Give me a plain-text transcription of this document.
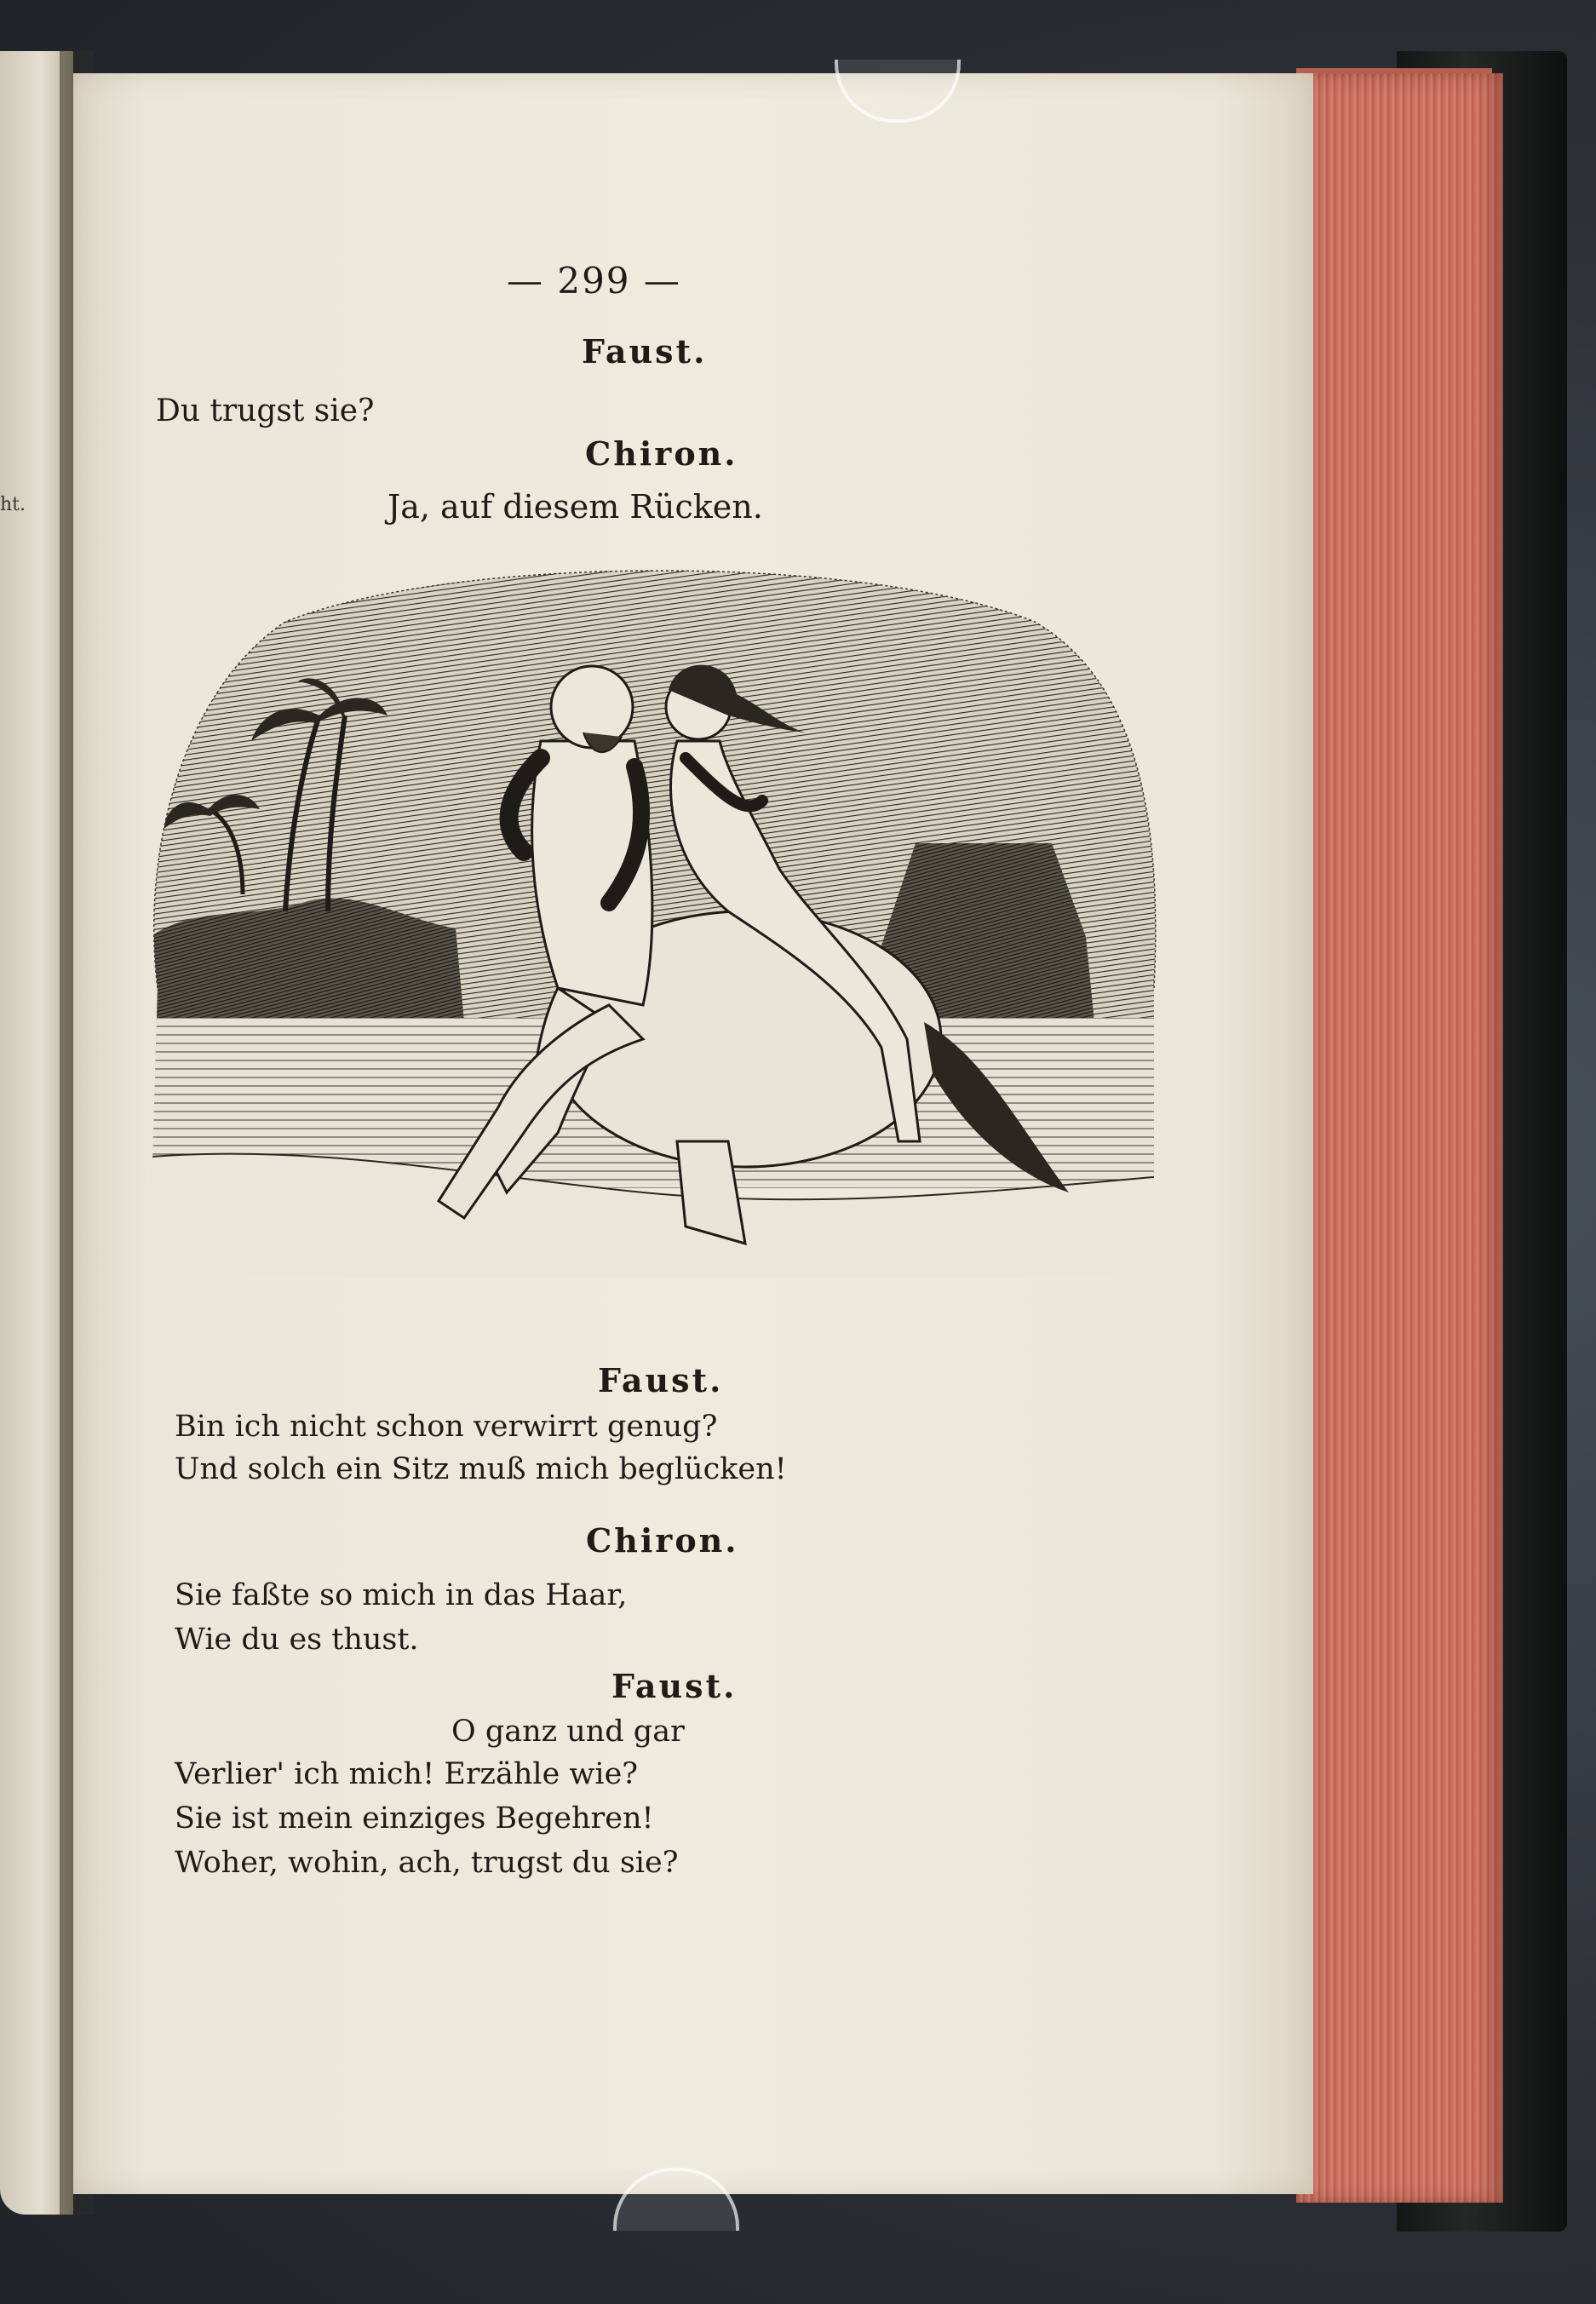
ht.
— 299 —
Faust.
Du trugst sie?
Chiron.
Ja, auf diesem Rücken.
Faust.
Bin ich nicht schon verwirrt genug?
Und solch ein Sitz muß mich beglücken!
Chiron.
Sie faßte so mich in das Haar,
Wie du es thust.
Faust.
O ganz und gar
Verlier' ich mich! Erzähle wie?
Sie ist mein einziges Begehren!
Woher, wohin, ach, trugst du sie?
